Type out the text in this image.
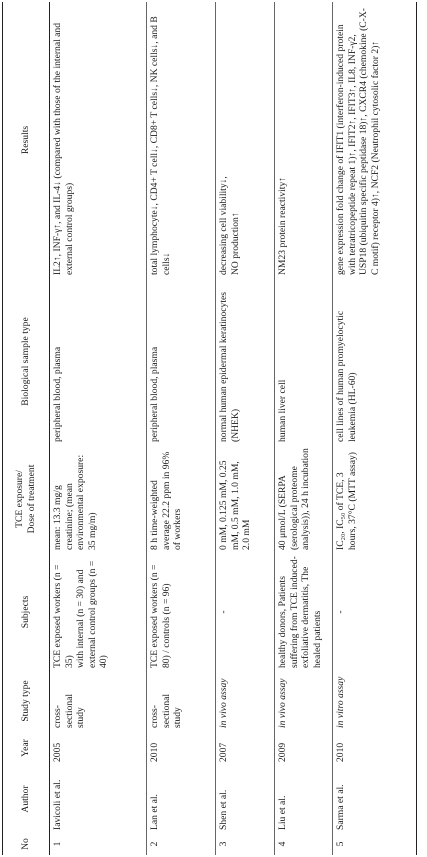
No	Author	Year	Study type	Subjects	TCE exposure/
Dose of treatment	Biological sample type	Results
1	Iavicoli et al.	2005	cross-sectional study	TCE exposed workers (n = 35)
with internal (n = 30) and external control groups (n = 40)	mean: 13.3 mg/g creatinine; (mean environmental exposure: 35 mg/m)	peripheral blood, plasma	IL2↑, INF-γ↑, and IL-4↓ (compared with those of the internal and external control groups)
2	Lan et al.	2010	cross-sectional study	TCE exposed workers (n = 80) / controls (n = 96)	8 h time-weighted average 22.2 ppm in 96% of workers	peripheral blood, plasma	total lymphocyte↓, CD4+ T cell↓, CD8+ T cells↓, NK cells↓, and B cells↓
3	Shen et al.	2007	in vivo assay	-	0 mM, 0.125 mM, 0.25 mM, 0.5 mM, 1.0 mM, 2.0 mM	normal human epidermal keratinocytes (NHEK)	decreasing cell viability↓,
NO production↑

4	Liu et al.	2009	in vivo assay	healthy donors, Patients suffering from TCE induced- exfoliative dermatitis, The healed patients	40 μmol/L (SERPA (serological proteome analysis)), 24 h incubation	human liver cell	NM23 protein reactivity↑
5	Sarma et al.	2010	in vitro assay	-	IC₂₀, IC₅₀ of TCE, 3 hours, 37°C (MTT assay)	cell lines of human promyelocytic leukemia (HL-60)	gene expression fold change of IFIT1 (interferon-induced protein with tetratricopeptide repeat 1)↑, IFIT2↑, IFIT3↑, IL8, INF-γ2, USP18 (ubiquitin specific peptidase 18)↑, CXCR4 (chemokine (C-X-C motif) receptor 4)↑, NCF2 (Neutrophil cytosolic factor 2)↑
